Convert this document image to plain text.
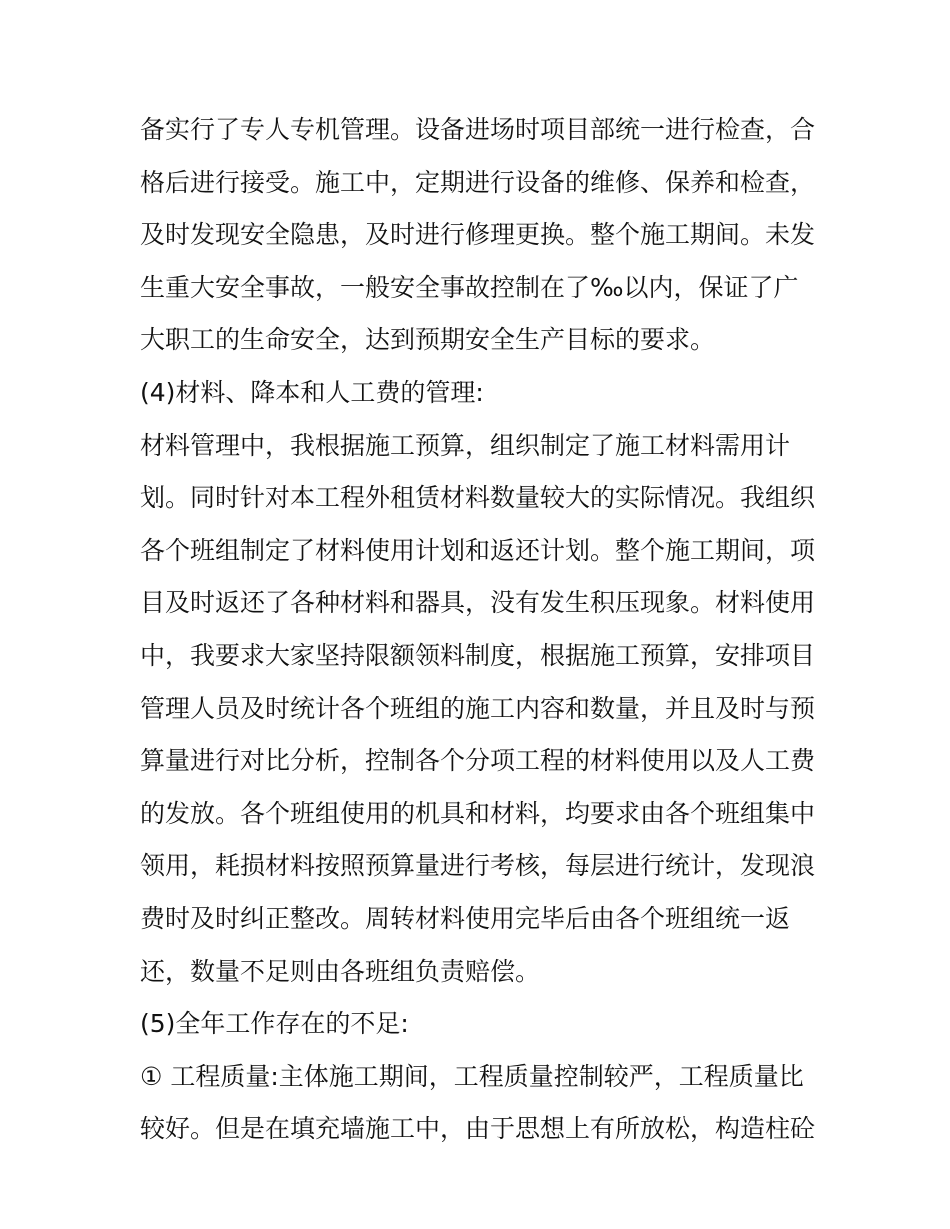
备实行了专人专机管理。设备进场时项目部统一进行检查，合
格后进行接受。施工中，定期进行设备的维修、保养和检查，
及时发现安全隐患，及时进行修理更换。整个施工期间。未发
生重大安全事故，一般安全事故控制在了‰以内，保证了广
大职工的生命安全，达到预期安全生产目标的要求。
(4)材料、降本和人工费的管理:
材料管理中，我根据施工预算，组织制定了施工材料需用计
划。同时针对本工程外租赁材料数量较大的实际情况。我组织
各个班组制定了材料使用计划和返还计划。整个施工期间，项
目及时返还了各种材料和器具，没有发生积压现象。材料使用
中，我要求大家坚持限额领料制度，根据施工预算，安排项目
管理人员及时统计各个班组的施工内容和数量，并且及时与预
算量进行对比分析，控制各个分项工程的材料使用以及人工费
的发放。各个班组使用的机具和材料，均要求由各个班组集中
领用，耗损材料按照预算量进行考核，每层进行统计，发现浪
费时及时纠正整改。周转材料使用完毕后由各个班组统一返
还，数量不足则由各班组负责赔偿。
(5)全年工作存在的不足:
① 工程质量:主体施工期间，工程质量控制较严，工程质量比
较好。但是在填充墙施工中，由于思想上有所放松，构造柱砼
